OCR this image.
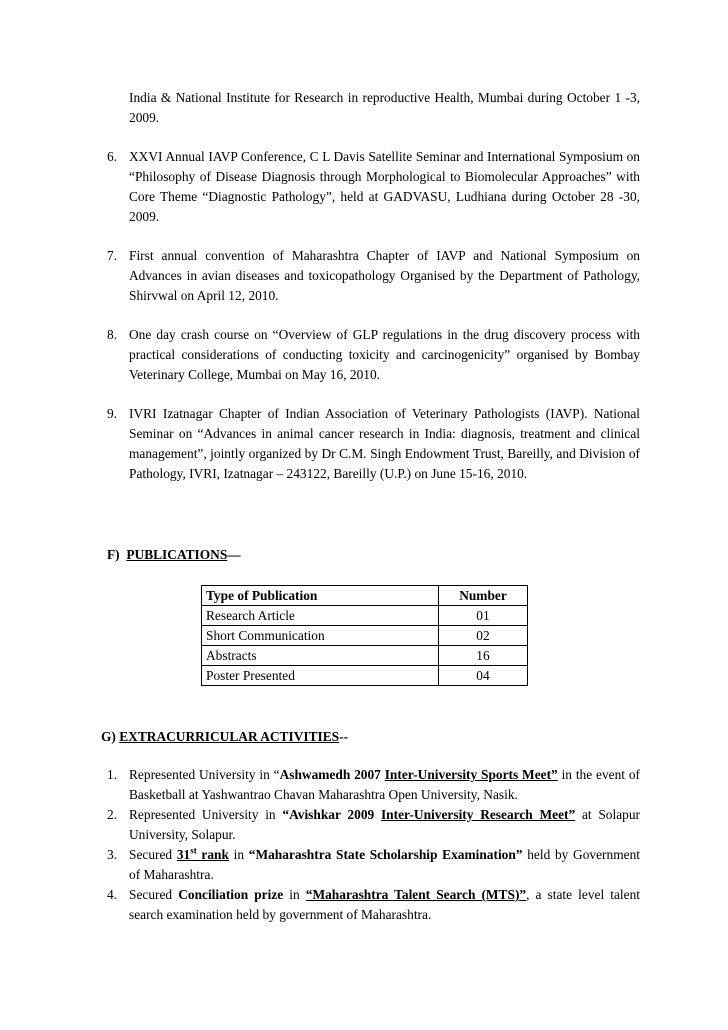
India & National Institute for Research in reproductive Health, Mumbai during October 1 -3, 2009.
6. XXVI Annual IAVP Conference, C L Davis Satellite Seminar and International Symposium on “Philosophy of Disease Diagnosis through Morphological to Biomolecular Approaches” with Core Theme “Diagnostic Pathology”, held at GADVASU, Ludhiana during October 28 -30, 2009.
7. First annual convention of Maharashtra Chapter of IAVP and National Symposium on Advances in avian diseases and toxicopathology Organised by the Department of Pathology, Shirvwal on April 12, 2010.
8. One day crash course on “Overview of GLP regulations in the drug discovery process with practical considerations of conducting toxicity and carcinogenicity” organised by Bombay Veterinary College, Mumbai on May 16, 2010.
9. IVRI Izatnagar Chapter of Indian Association of Veterinary Pathologists (IAVP). National Seminar on “Advances in animal cancer research in India: diagnosis, treatment and clinical management”, jointly organized by Dr C.M. Singh Endowment Trust, Bareilly, and Division of Pathology, IVRI, Izatnagar – 243122, Bareilly (U.P.) on June 15-16, 2010.
F) PUBLICATIONS—
Type of Publication	Number
Research Article	01
Short Communication	02
Abstracts	16
Poster Presented	04
G) EXTRACURRICULAR ACTIVITIES--
1. Represented University in “Ashwamedh 2007 Inter-University Sports Meet” in the event of Basketball at Yashwantrao Chavan Maharashtra Open University, Nasik.
2. Represented University in “Avishkar 2009 Inter-University Research Meet” at Solapur University, Solapur.
3. Secured 31st rank in “Maharashtra State Scholarship Examination” held by Government of Maharashtra.
4. Secured Conciliation prize in “Maharashtra Talent Search (MTS)”, a state level talent search examination held by government of Maharashtra.
